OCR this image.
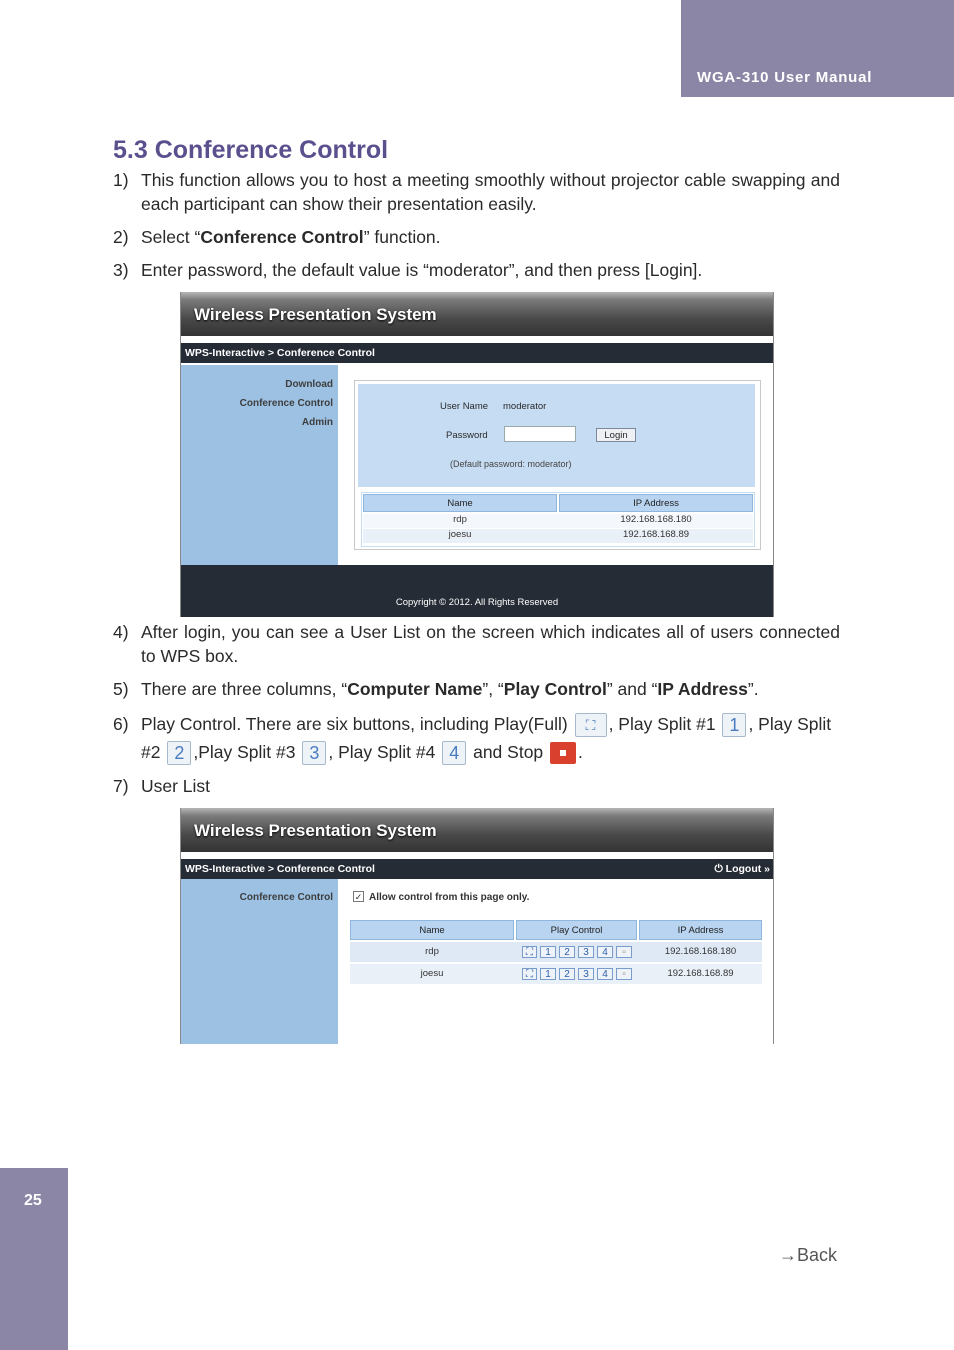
WGA-310 User Manual
5.3 Conference Control
1) This function allows you to host a meeting smoothly without projector cable swapping and each participant can show their presentation easily.
2) Select “Conference Control” function.
3) Enter password, the default value is “moderator”, and then press [Login].
Wireless Presentation System
WPS-Interactive > Conference Control
Download
Conference Control
Admin
User Name moderator
Password	Login
(Default password: moderator)
Name	IP Address
rdp	192.168.168.180
joesu	192.168.168.89
Copyright © 2012. All Rights Reserved
4) After login, you can see a User List on the screen which indicates all of users connected to WPS box.
5) There are three columns, “Computer Name”, “Play Control” and “IP Address”.
6) Play Control. There are six buttons, including Play(Full) ⛶ , Play Split #1 1 , Play Split #2 2 ,Play Split #3 3 , Play Split #4 4 and Stop .
7) User List
Wireless Presentation System
WPS-Interactive > Conference Control	⏻ Logout »
Conference Control ✓ Allow control from this page only.
Name	Play Control	IP Address
rdp	⛶	1	2	3	4	▫	192.168.168.180
joesu	⛶	1	2	3	4	▫	192.168.168.89
25
→Back
